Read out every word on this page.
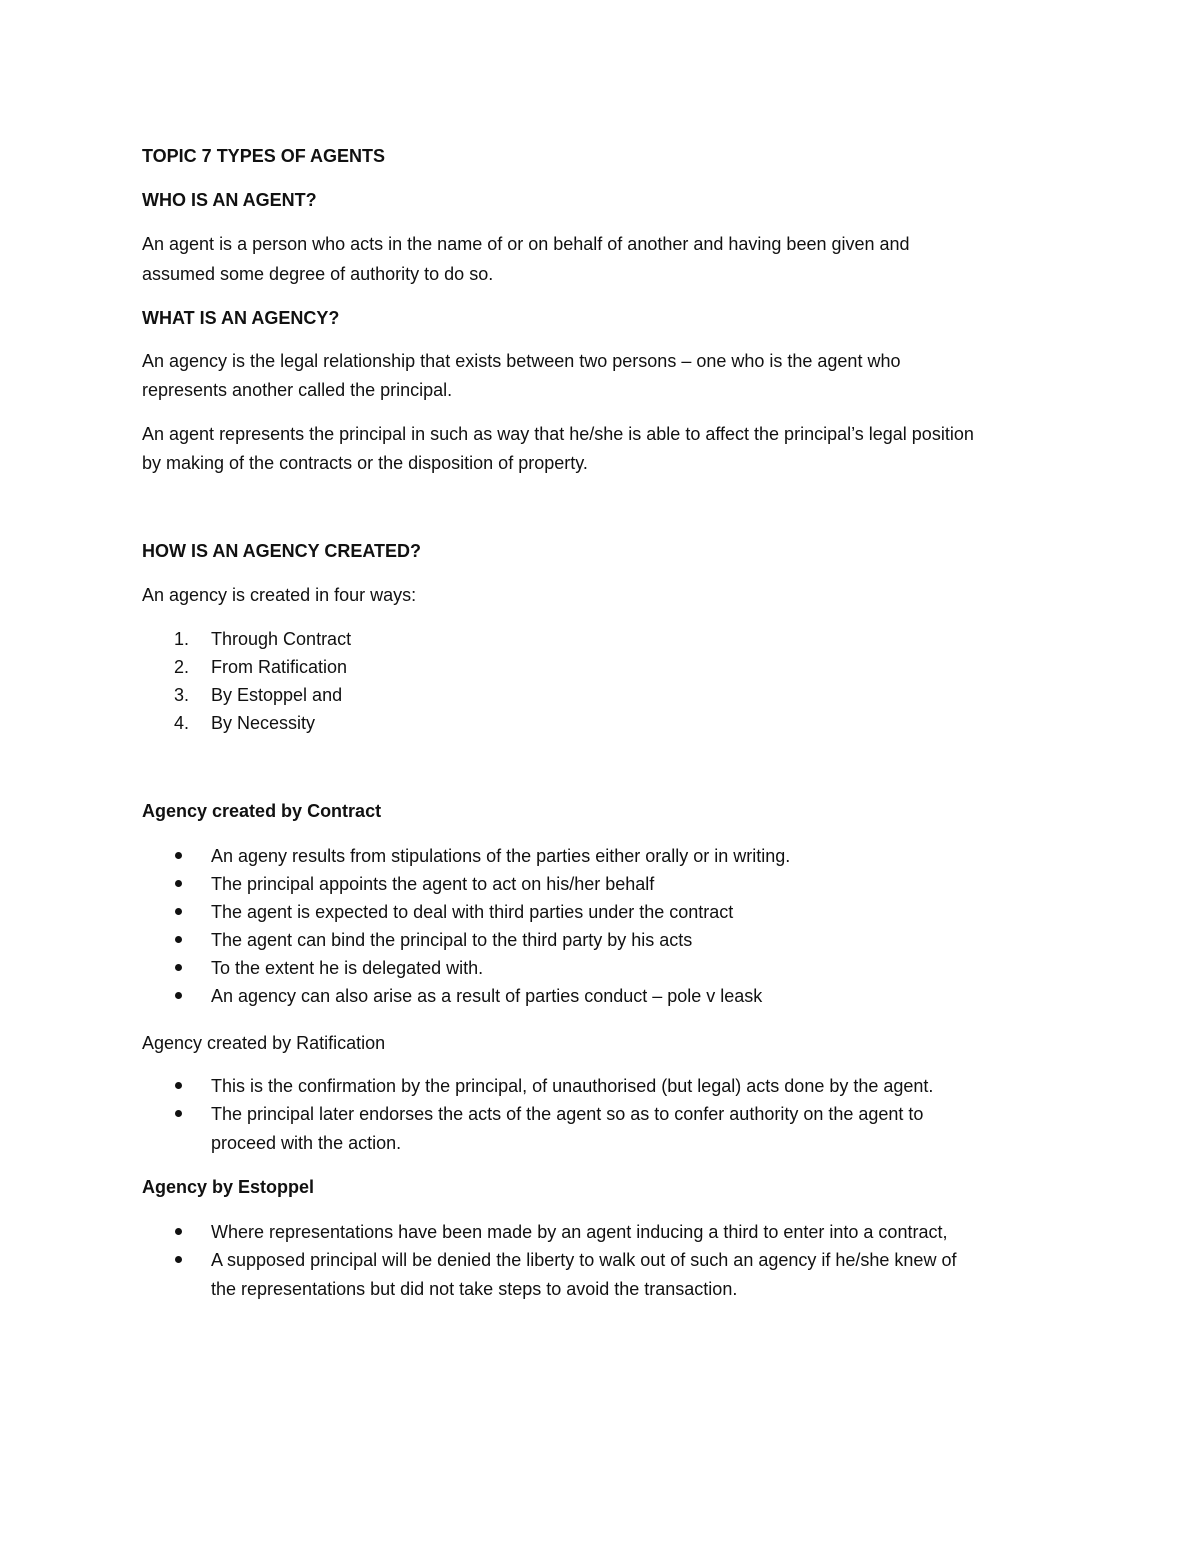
TOPIC 7 TYPES OF AGENTS
WHO IS AN AGENT?
An agent is a person who acts in the name of or on behalf of another and having been given and
assumed some degree of authority to do so.
WHAT IS AN AGENCY?
An agency is the legal relationship that exists between two persons – one who is the agent who
represents another called the principal.
An agent represents the principal in such as way that he/she is able to affect the principal’s legal position
by making of the contracts or the disposition of property.
HOW IS AN AGENCY CREATED?
An agency is created in four ways:
1.	Through Contract
2.	From Ratification
3.	By Estoppel and
4.	By Necessity
Agency created by Contract
An ageny results from stipulations of the parties either orally or in writing.
The principal appoints the agent to act on his/her behalf
The agent is expected to deal with third parties under the contract
The agent can bind the principal to the third party by his acts
To the extent he is delegated with.
An agency can also arise as a result of parties conduct – pole v leask
Agency created by Ratification
This is the confirmation by the principal, of unauthorised (but legal) acts done by the agent.
The principal later endorses the acts of the agent so as to confer authority on the agent to
proceed with the action.
Agency by Estoppel
Where representations have been made by an agent inducing a third to enter into a contract,
A supposed principal will be denied the liberty to walk out of such an agency if he/she knew of
the representations but did not take steps to avoid the transaction.
